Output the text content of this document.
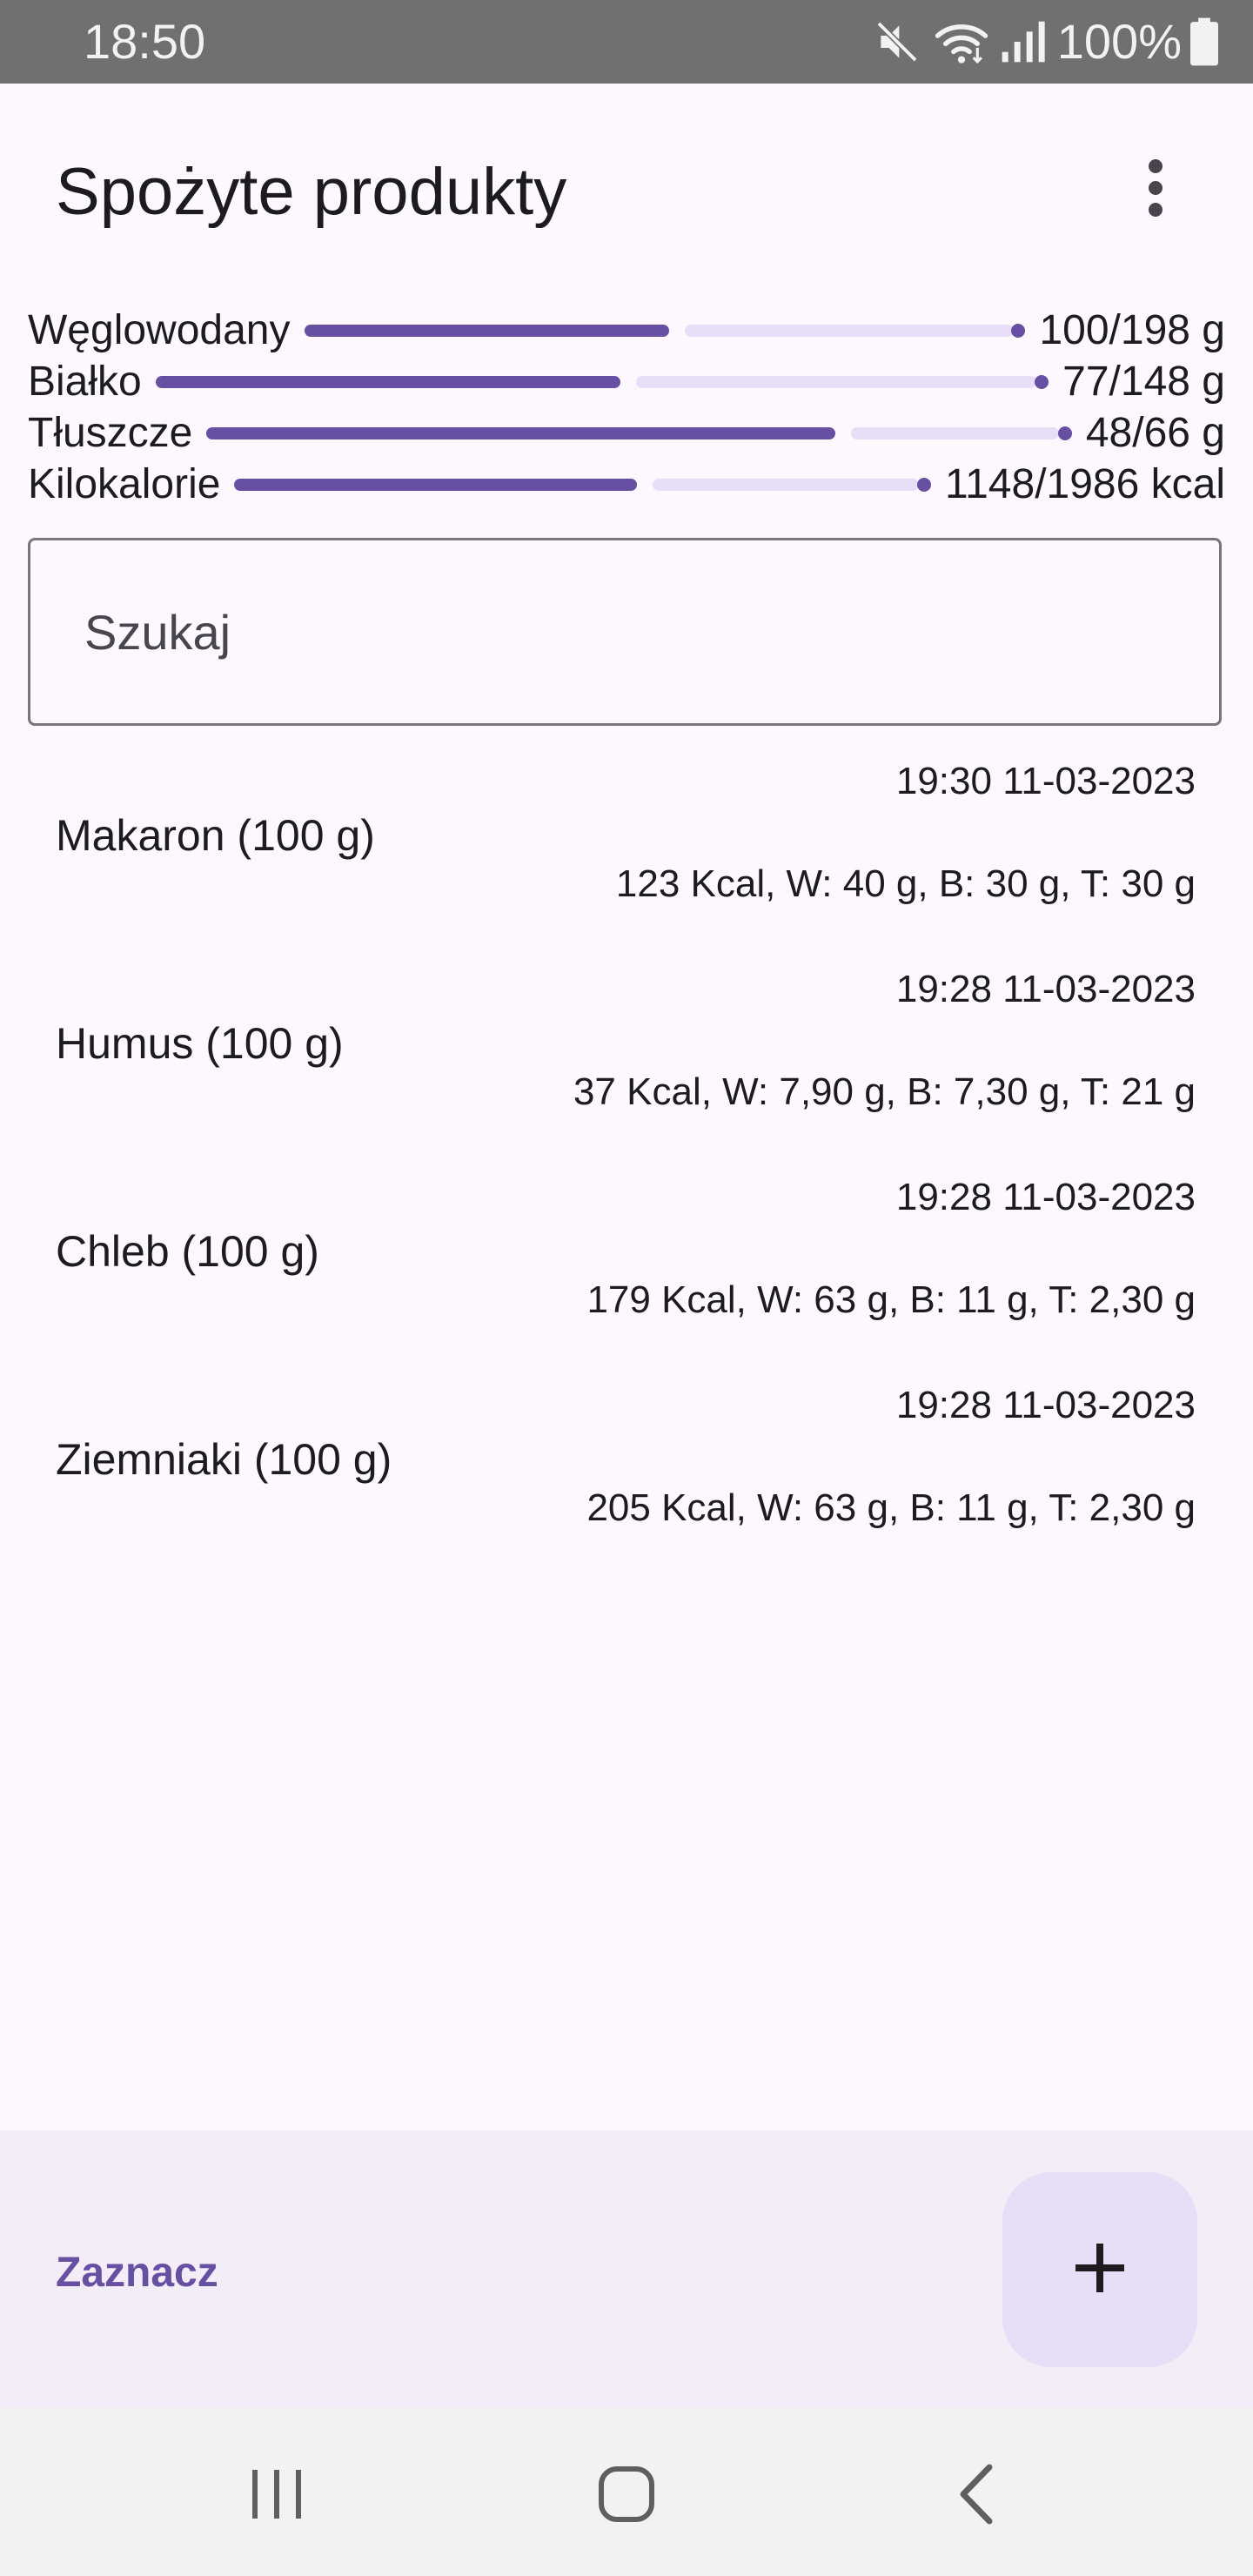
18:50	100%
Spożyte produkty
Węglowodany	100/198 g
Białko	77/148 g
Tłuszcze	48/66 g
Kilokalorie	1148/1986 kcal
Szukaj
19:30 11-03-2023
Makaron (100 g)
123 Kcal, W: 40 g, B: 30 g, T: 30 g
19:28 11-03-2023
Humus (100 g)
37 Kcal, W: 7,90 g, B: 7,30 g, T: 21 g
19:28 11-03-2023
Chleb (100 g)
179 Kcal, W: 63 g, B: 11 g, T: 2,30 g
19:28 11-03-2023
Ziemniaki (100 g)
205 Kcal, W: 63 g, B: 11 g, T: 2,30 g
Zaznacz
